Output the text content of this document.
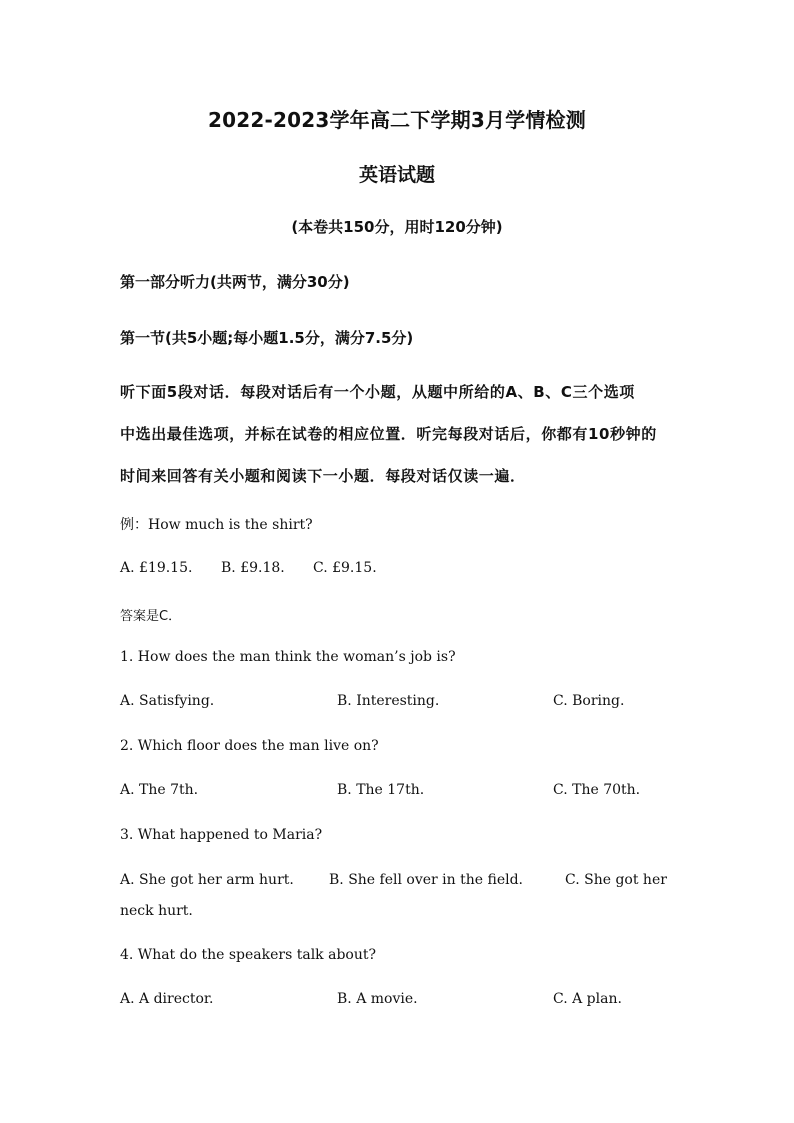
2022-2023学年高二下学期3月学情检测
英语试题
(本卷共150分，用时120分钟)
第一部分听力(共两节，满分30分)
第一节(共5小题;每小题1.5分，满分7.5分)
听下面5段对话．每段对话后有一个小题，从题中所给的A、B、C三个选项
中选出最佳选项，并标在试卷的相应位置．听完每段对话后，你都有10秒钟的
时间来回答有关小题和阅读下一小题．每段对话仅读一遍．
例：How much is the shirt?
A. £19.15. B. £9.18. C. £9.15.
答案是C．
1. How does the man think the woman’s job is?
A. Satisfying.	B. Interesting.	C. Boring.
2. Which floor does the man live on?
A. The 7th.	B. The 17th.	C. The 70th.
3. What happened to Maria?
A. She got her arm hurt.	B. She fell over in the field.	C. She got her
neck hurt.
4. What do the speakers talk about?
A. A director.	B. A movie.	C. A plan.
